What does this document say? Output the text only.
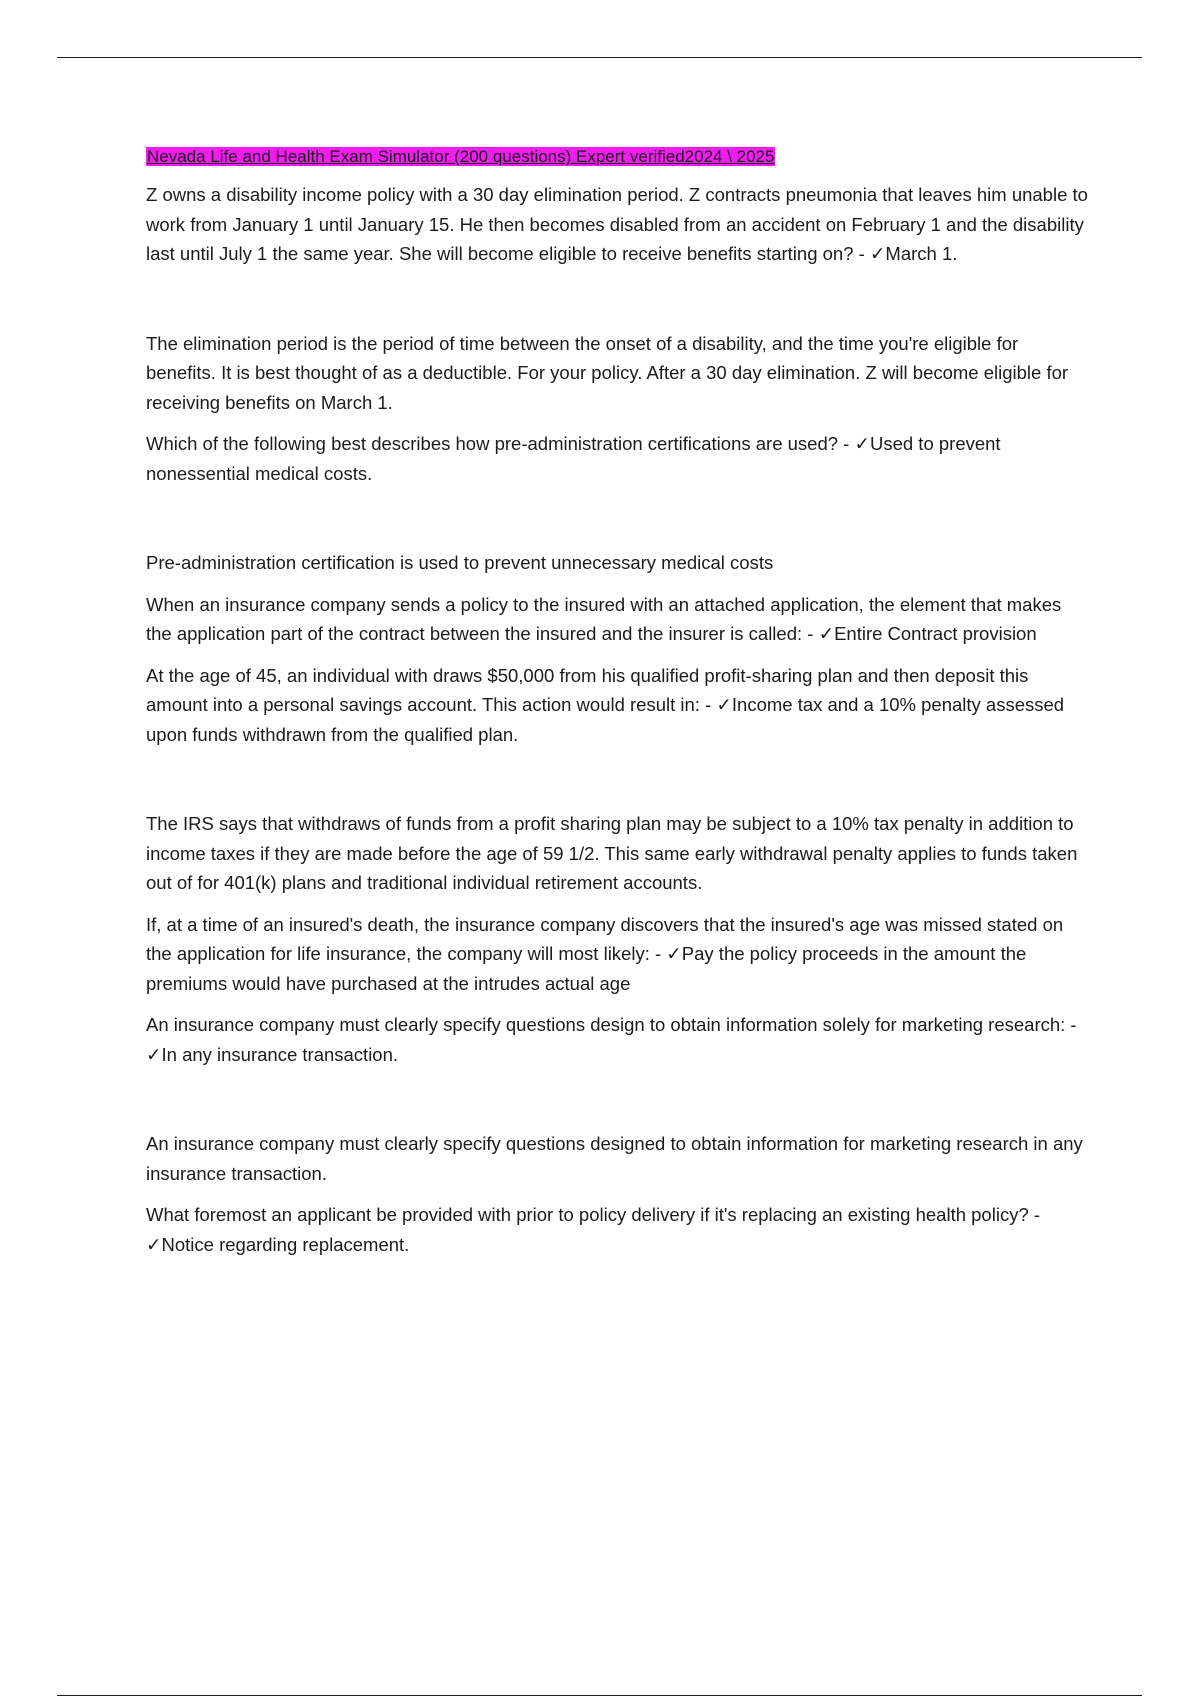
Nevada Life and Health Exam Simulator (200 questions) Expert verified2024 \ 2025

Z owns a disability income policy with a 30 day elimination period. Z contracts pneumonia that leaves him unable to work from January 1 until January 15. He then becomes disabled from an accident on February 1 and the disability last until July 1 the same year. She will become eligible to receive benefits starting on? - ✓March 1.

The elimination period is the period of time between the onset of a disability, and the time you're eligible for benefits. It is best thought of as a deductible. For your policy. After a 30 day elimination. Z will become eligible for receiving benefits on March 1.

Which of the following best describes how pre-administration certifications are used? - ✓Used to prevent nonessential medical costs.

Pre-administration certification is used to prevent unnecessary medical costs

When an insurance company sends a policy to the insured with an attached application, the element that makes the application part of the contract between the insured and the insurer is called: - ✓Entire Contract provision

At the age of 45, an individual with draws $50,000 from his qualified profit-sharing plan and then deposit this amount into a personal savings account. This action would result in: - ✓Income tax and a 10% penalty assessed upon funds withdrawn from the qualified plan.

The IRS says that withdraws of funds from a profit sharing plan may be subject to a 10% tax penalty in addition to income taxes if they are made before the age of 59 1/2. This same early withdrawal penalty applies to funds taken out of for 401(k) plans and traditional individual retirement accounts.

If, at a time of an insured's death, the insurance company discovers that the insured's age was missed stated on the application for life insurance, the company will most likely: - ✓Pay the policy proceeds in the amount the premiums would have purchased at the intrudes actual age

An insurance company must clearly specify questions design to obtain information solely for marketing research: - ✓In any insurance transaction.

An insurance company must clearly specify questions designed to obtain information for marketing research in any insurance transaction.

What foremost an applicant be provided with prior to policy delivery if it's replacing an existing health policy? - ✓Notice regarding replacement.
